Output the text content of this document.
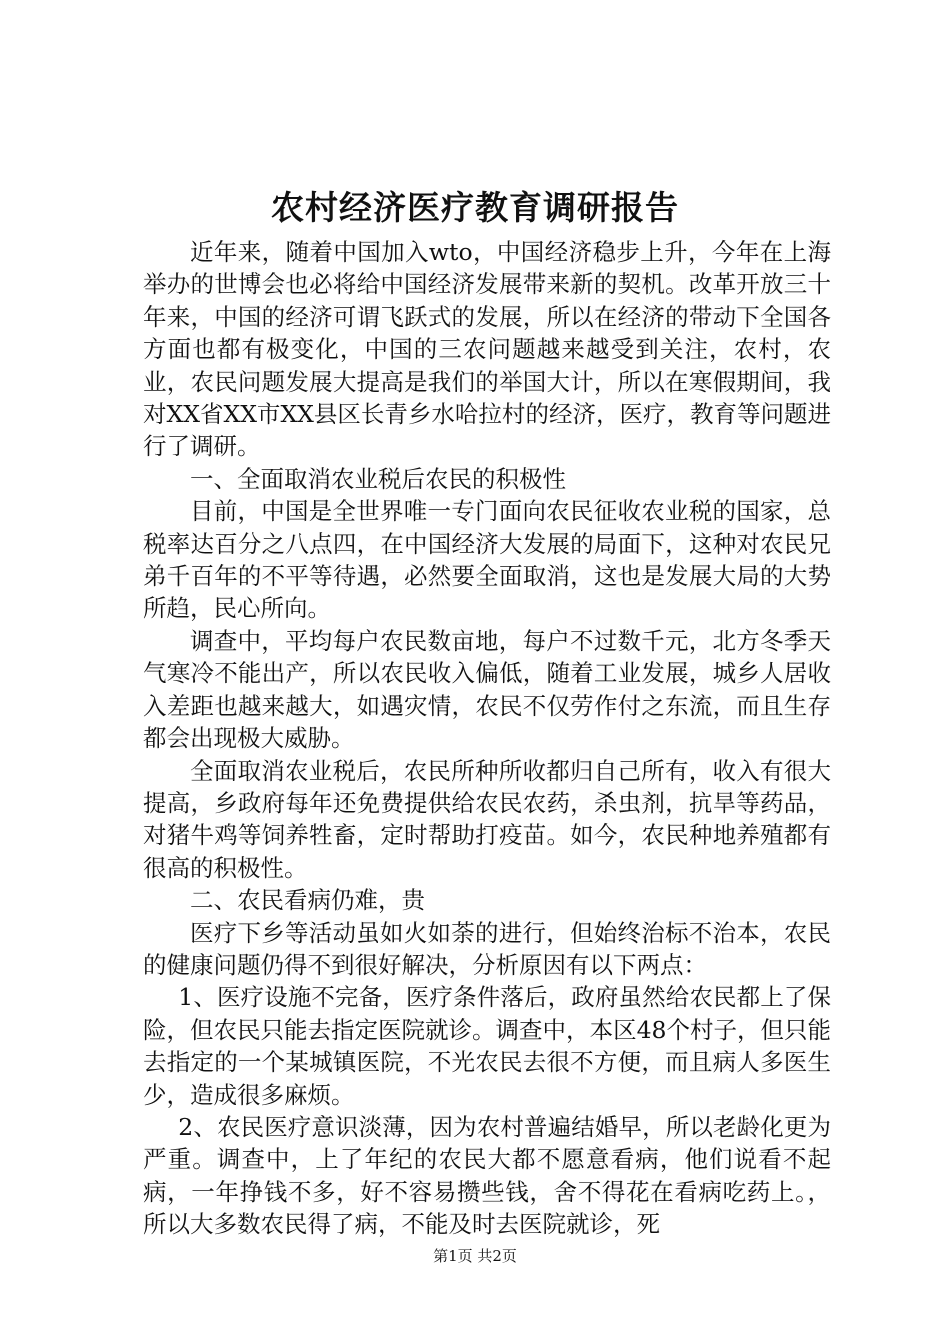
农村经济医疗教育调研报告

近年来，随着中国加入wto，中国经济稳步上升，今年在上海举办的世博会也必将给中国经济发展带来新的契机。改革开放三十年来，中国的经济可谓飞跃式的发展，所以在经济的带动下全国各方面也都有极变化，中国的三农问题越来越受到关注，农村，农业，农民问题发展大提高是我们的举国大计，所以在寒假期间，我对XX省XX市XX县区长青乡水哈拉村的经济，医疗，教育等问题进行了调研。

一、全面取消农业税后农民的积极性

目前，中国是全世界唯一专门面向农民征收农业税的国家，总税率达百分之八点四，在中国经济大发展的局面下，这种对农民兄弟千百年的不平等待遇，必然要全面取消，这也是发展大局的大势所趋，民心所向。

调查中，平均每户农民数亩地，每户不过数千元，北方冬季天气寒冷不能出产，所以农民收入偏低，随着工业发展，城乡人居收入差距也越来越大，如遇灾情，农民不仅劳作付之东流，而且生存都会出现极大威胁。

全面取消农业税后，农民所种所收都归自己所有，收入有很大提高，乡政府每年还免费提供给农民农药，杀虫剂，抗旱等药品，对猪牛鸡等饲养牲畜，定时帮助打疫苗。如今，农民种地养殖都有很高的积极性。

二、农民看病仍难，贵

医疗下乡等活动虽如火如荼的进行，但始终治标不治本，农民的健康问题仍得不到很好解决，分析原因有以下两点：

1、医疗设施不完备，医疗条件落后，政府虽然给农民都上了保险，但农民只能去指定医院就诊。调查中，本区48个村子，但只能去指定的一个某城镇医院，不光农民去很不方便，而且病人多医生少，造成很多麻烦。

2、农民医疗意识淡薄，因为农村普遍结婚早，所以老龄化更为严重。调查中，上了年纪的农民大都不愿意看病，他们说看不起病，一年挣钱不多，好不容易攒些钱，舍不得花在看病吃药上。，所以大多数农民得了病，不能及时去医院就诊，死

第1页 共2页
